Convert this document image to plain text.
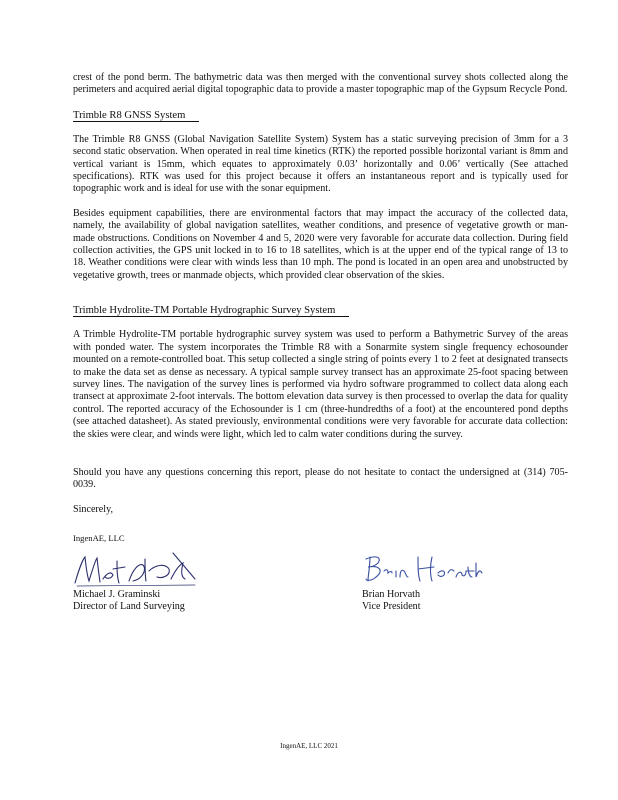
crest of the pond berm. The bathymetric data was then merged with the conventional survey shots collected along the perimeters and acquired aerial digital topographic data to provide a master topographic map of the Gypsum Recycle Pond.

Trimble R8 GNSS System

The Trimble R8 GNSS (Global Navigation Satellite System) System has a static surveying precision of 3mm for a 3 second static observation. When operated in real time kinetics (RTK) the reported possible horizontal variant is 8mm and vertical variant is 15mm, which equates to approximately 0.03’ horizontally and 0.06’ vertically (See attached specifications). RTK was used for this project because it offers an instantaneous report and is typically used for topographic work and is ideal for use with the sonar equipment.

Besides equipment capabilities, there are environmental factors that may impact the accuracy of the collected data, namely, the availability of global navigation satellites, weather conditions, and presence of vegetative growth or man-made obstructions. Conditions on November 4 and 5, 2020 were very favorable for accurate data collection. During field collection activities, the GPS unit locked in to 16 to 18 satellites, which is at the upper end of the typical range of 13 to 18. Weather conditions were clear with winds less than 10 mph. The pond is located in an open area and unobstructed by vegetative growth, trees or manmade objects, which provided clear observation of the skies.

Trimble Hydrolite-TM Portable Hydrographic Survey System

A Trimble Hydrolite-TM portable hydrographic survey system was used to perform a Bathymetric Survey of the areas with ponded water. The system incorporates the Trimble R8 with a Sonarmite system single frequency echosounder mounted on a remote-controlled boat. This setup collected a single string of points every 1 to 2 feet at designated transects to make the data set as dense as necessary. A typical sample survey transect has an approximate 25-foot spacing between survey lines. The navigation of the survey lines is performed via hydro software programmed to collect data along each transect at approximate 2-foot intervals. The bottom elevation data survey is then processed to overlap the data for quality control. The reported accuracy of the Echosounder is 1 cm (three-hundredths of a foot) at the encountered pond depths (see attached datasheet). As stated previously, environmental conditions were very favorable for accurate data collection: the skies were clear, and winds were light, which led to calm water conditions during the survey.

Should you have any questions concerning this report, please do not hesitate to contact the undersigned at (314) 705-0039.

Sincerely,

IngenAE, LLC

Michael J. Graminski
Director of Land Surveying
Brian Horvath
Vice President
IngenAE, LLC 2021
